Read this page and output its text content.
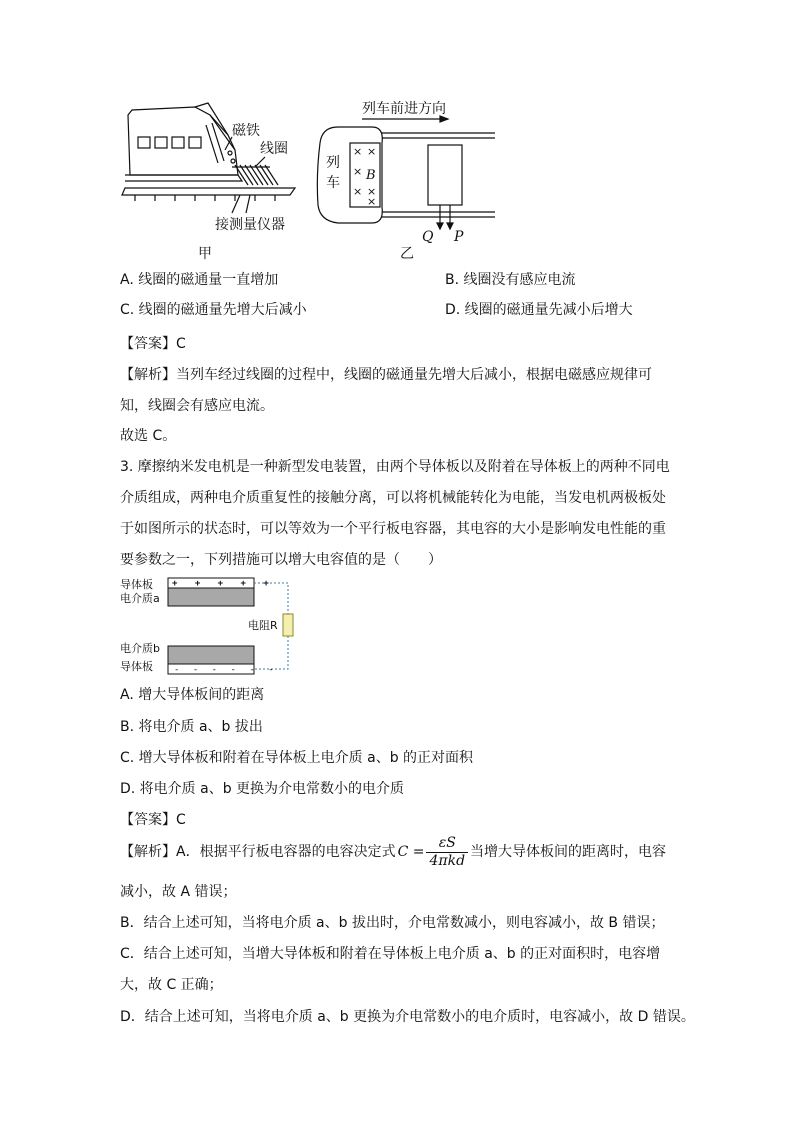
磁铁
线圈
接测量仪器
甲
× ×
×
× ×
×
列车前进方向
列
车 B
Q P
乙
A. 线圈的磁通量一直增加	B. 线圈没有感应电流
C. 线圈的磁通量先增大后减小	D. 线圈的磁通量先减小后增大
【答案】C
【解析】当列车经过线圈的过程中，线圈的磁通量先增大后减小，根据电磁感应规律可
知，线圈会有感应电流。
故选 C。
3. 摩擦纳米发电机是一种新型发电装置，由两个导体板以及附着在导体板上的两种不同电
介质组成，两种电介质重复性的接触分离，可以将机械能转化为电能，当发电机两极板处
于如图所示的状态时，可以等效为一个平行板电容器，其电容的大小是影响发电性能的重
要参数之一，下列措施可以增大电容值的是（　　）
+ + + + +
- - - - - -
导体板
电介质a
电阻R
电介质b
导体板
A. 增大导体板间的距离
B. 将电介质 a、b 拔出
C. 增大导体板和附着在导体板上电介质 a、b 的正对面积
D. 将电介质 a、b 更换为介电常数小的电介质
【答案】C
【解析】A．根据平行板电容器的电容决定式 $C = \frac{\varepsilon S}{\text{4πkd}}$ 当增大导体板间的距离时，电容
减小，故 A 错误；
B．结合上述可知，当将电介质 a、b 拔出时，介电常数减小，则电容减小，故 B 错误；
C．结合上述可知，当增大导体板和附着在导体板上电介质 a、b 的正对面积时，电容增
大，故 C 正确；
D．结合上述可知，当将电介质 a、b 更换为介电常数小的电介质时，电容减小，故 D 错误。
